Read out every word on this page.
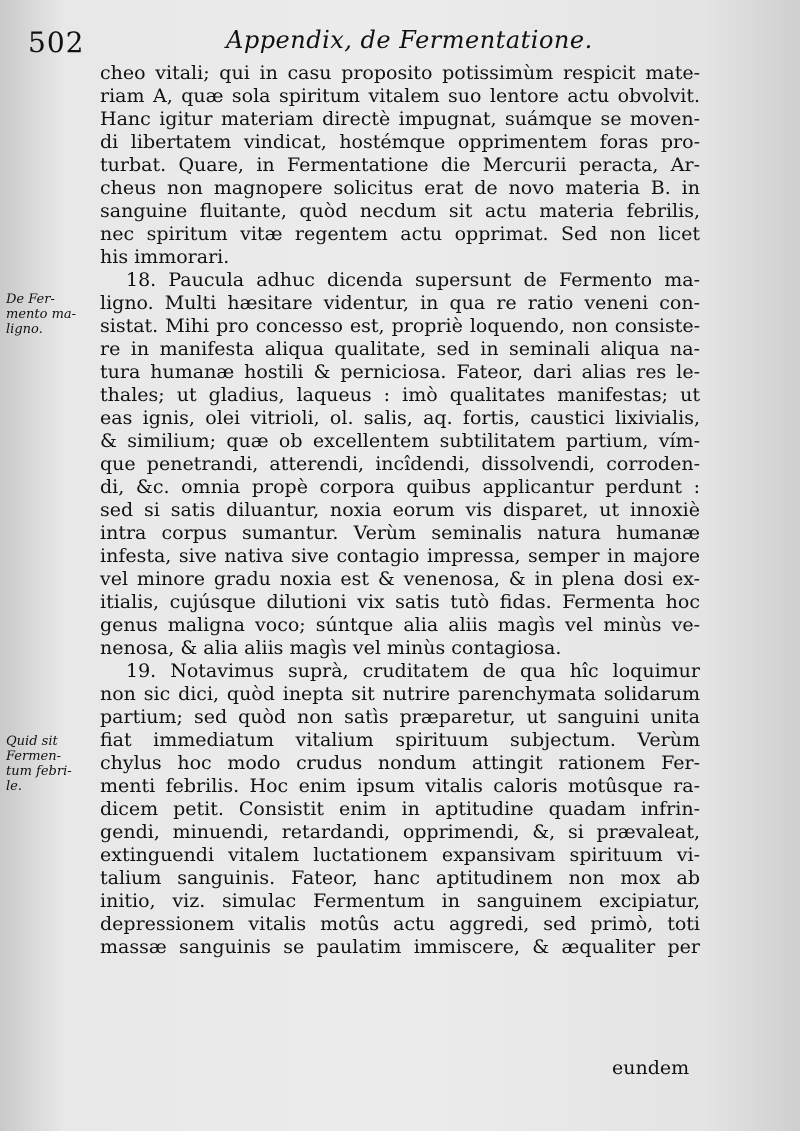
502	Appendix, de Fermentatione.
De Fer-
mento ma-
ligno.
Quid sit
Fermen-
tum febri-
le.
cheo vitali; qui in casu proposito potissimùm respicit mate-
riam A, quæ sola spiritum vitalem suo lentore actu obvolvit.
Hanc igitur materiam directè impugnat, suámque se moven-
di libertatem vindicat, hostémque opprimentem foras pro-
turbat. Quare, in Fermentatione die Mercurii peracta, Ar-
cheus non magnopere solicitus erat de novo materia B. in
sanguine fluitante, quòd necdum sit actu materia febrilis,
nec spiritum vitæ regentem actu opprimat. Sed non licet
his immorari.
18. Paucula adhuc dicenda supersunt de Fermento ma-
ligno. Multi hæsitare videntur, in qua re ratio veneni con-
sistat. Mihi pro concesso est, propriè loquendo, non consiste-
re in manifesta aliqua qualitate, sed in seminali aliqua na-
tura humanæ hostili & perniciosa. Fateor, dari alias res le-
thales; ut gladius, laqueus : imò qualitates manifestas; ut
eas ignis, olei vitrioli, ol. salis, aq. fortis, caustici lixivialis,
& similium; quæ ob excellentem subtilitatem partium, vím-
que penetrandi, atterendi, incîdendi, dissolvendi, corroden-
di, &c. omnia propè corpora quibus applicantur perdunt :
sed si satis diluantur, noxia eorum vis disparet, ut innoxiè
intra corpus sumantur. Verùm seminalis natura humanæ
infesta, sive nativa sive contagio impressa, semper in majore
vel minore gradu noxia est & venenosa, & in plena dosi ex-
itialis, cujúsque dilutioni vix satis tutò fidas. Fermenta hoc
genus maligna voco; súntque alia aliis magìs vel minùs ve-
nenosa, & alia aliis magìs vel minùs contagiosa.
19. Notavimus suprà, cruditatem de qua hîc loquimur
non sic dici, quòd inepta sit nutrire parenchymata solidarum
partium; sed quòd non satìs præparetur, ut sanguini unita
fiat immediatum vitalium spirituum subjectum. Verùm
chylus hoc modo crudus nondum attingit rationem Fer-
menti febrilis. Hoc enim ipsum vitalis caloris motûsque ra-
dicem petit. Consistit enim in aptitudine quadam infrin-
gendi, minuendi, retardandi, opprimendi, &, si prævaleat,
extinguendi vitalem luctationem expansivam spirituum vi-
talium sanguinis. Fateor, hanc aptitudinem non mox ab
initio, viz. simulac Fermentum in sanguinem excipiatur,
depressionem vitalis motûs actu aggredi, sed primò, toti
massæ sanguinis se paulatim immiscere, & æqualiter per
eundem
